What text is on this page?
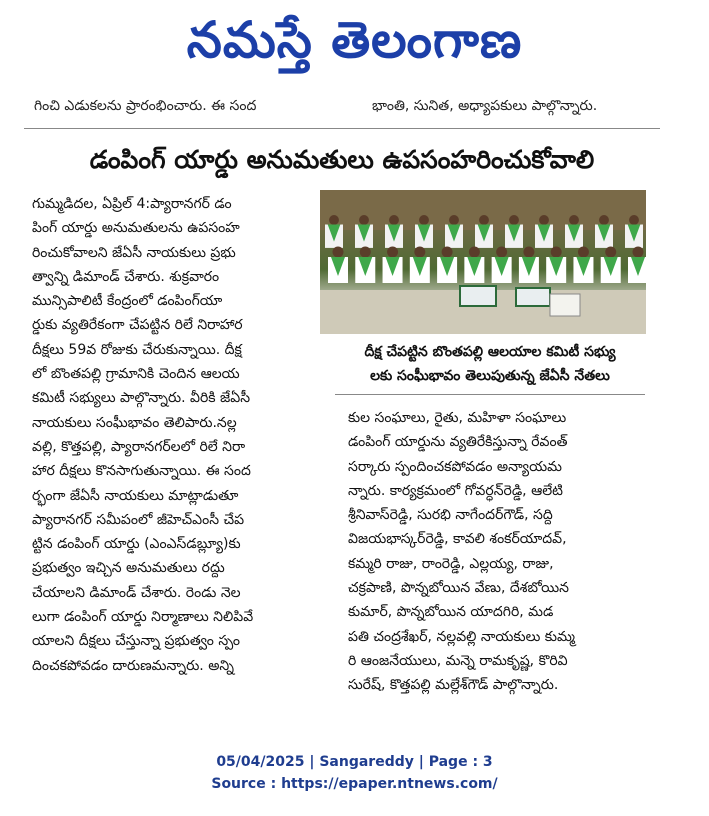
నమస్తే తెలంగాణ
గించి ఎడుకలను ప్రారంభించారు. ఈ సంద	భాంతి, సునిత, అధ్యాపకులు పాల్గొన్నారు.
డంపింగ్ యార్డు అనుమతులు ఉపసంహరించుకోవాలి
గుమ్మడిదల, ఏప్రిల్ 4:ప్యారానగర్ డం
పింగ్ యార్డు అనుమతులను ఉపసంహ
రించుకోవాలని జేఏసీ నాయకులు ప్రభు
త్వాన్ని డిమాండ్ చేశారు. శుక్రవారం
మున్సిపాలిటీ కేంద్రంలో డంపింగ్‌యా
ర్డుకు వ్యతిరేకంగా చేపట్టిన రిలే నిరాహార
దీక్షలు 59వ రోజుకు చేరుకున్నాయి. దీక్ష
లో బొంతపల్లి గ్రామానికి చెందిన ఆలయ
కమిటీ సభ్యులు పాల్గొన్నారు. వీరికి జేఏసీ
నాయకులు సంఘీభావం తెలిపారు.నల్ల
వల్లి, కొత్తపల్లి, ప్యారానగర్‌లలో రిలే నిరా
హార దీక్షలు కొనసాగుతున్నాయి. ఈ సంద
ర్భంగా జేఏసీ నాయకులు మాట్లాడుతూ
ప్యారానగర్ సమీపంలో జీహెచ్ఎంసీ చేప
ట్టిన డంపింగ్ యార్డు (ఎంఎస్‌డబ్ల్యూ)కు
ప్రభుత్వం ఇచ్చిన అనుమతులు రద్దు
చేయాలని డిమాండ్ చేశారు. రెండు నెల
లుగా డంపింగ్ యార్డు నిర్మాణాలు నిలిపివే
యాలని దీక్షలు చేస్తున్నా ప్రభుత్వం స్పం
దించకపోవడం దారుణమన్నారు. అన్ని
దీక్ష చేపట్టిన బొంతపల్లి ఆలయాల కమిటీ సభ్యు
లకు సంఘీభావం తెలుపుతున్న జేఏసీ నేతలు
కుల సంఘాలు, రైతు, మహిళా సంఘాలు
డంపింగ్ యార్డును వ్యతిరేకిస్తున్నా రేవంత్
సర్కారు స్పందించకపోవడం అన్యాయమ
న్నారు. కార్యక్రమంలో గోవర్ధన్‌రెడ్డి, ఆలేటి
శ్రీనివాస్‌రెడ్డి, సురభి నాగేందర్‌గౌడ్, సద్ది
విజయభాస్కర్‌రెడ్డి, కావలి శంకర్‌యాదవ్,
కమ్మరి రాజు, రాంరెడ్డి, ఎల్లయ్య, రాజు,
చక్రపాణి, పొన్నబోయిన వేణు, దేశబోయిన
కుమార్, పొన్నబోయిన యాదగిరి, మడ
పతి చంద్రశేఖర్, నల్లవల్లి నాయకులు కుమ్మ
రి ఆంజనేయులు, మన్నె రామకృష్ణ, కొరివి
సురేష్, కొత్తపల్లి మల్లేశ్‌గౌడ్ పాల్గొన్నారు.
05/04/2025 | Sangareddy | Page : 3
Source : https://epaper.ntnews.com/
